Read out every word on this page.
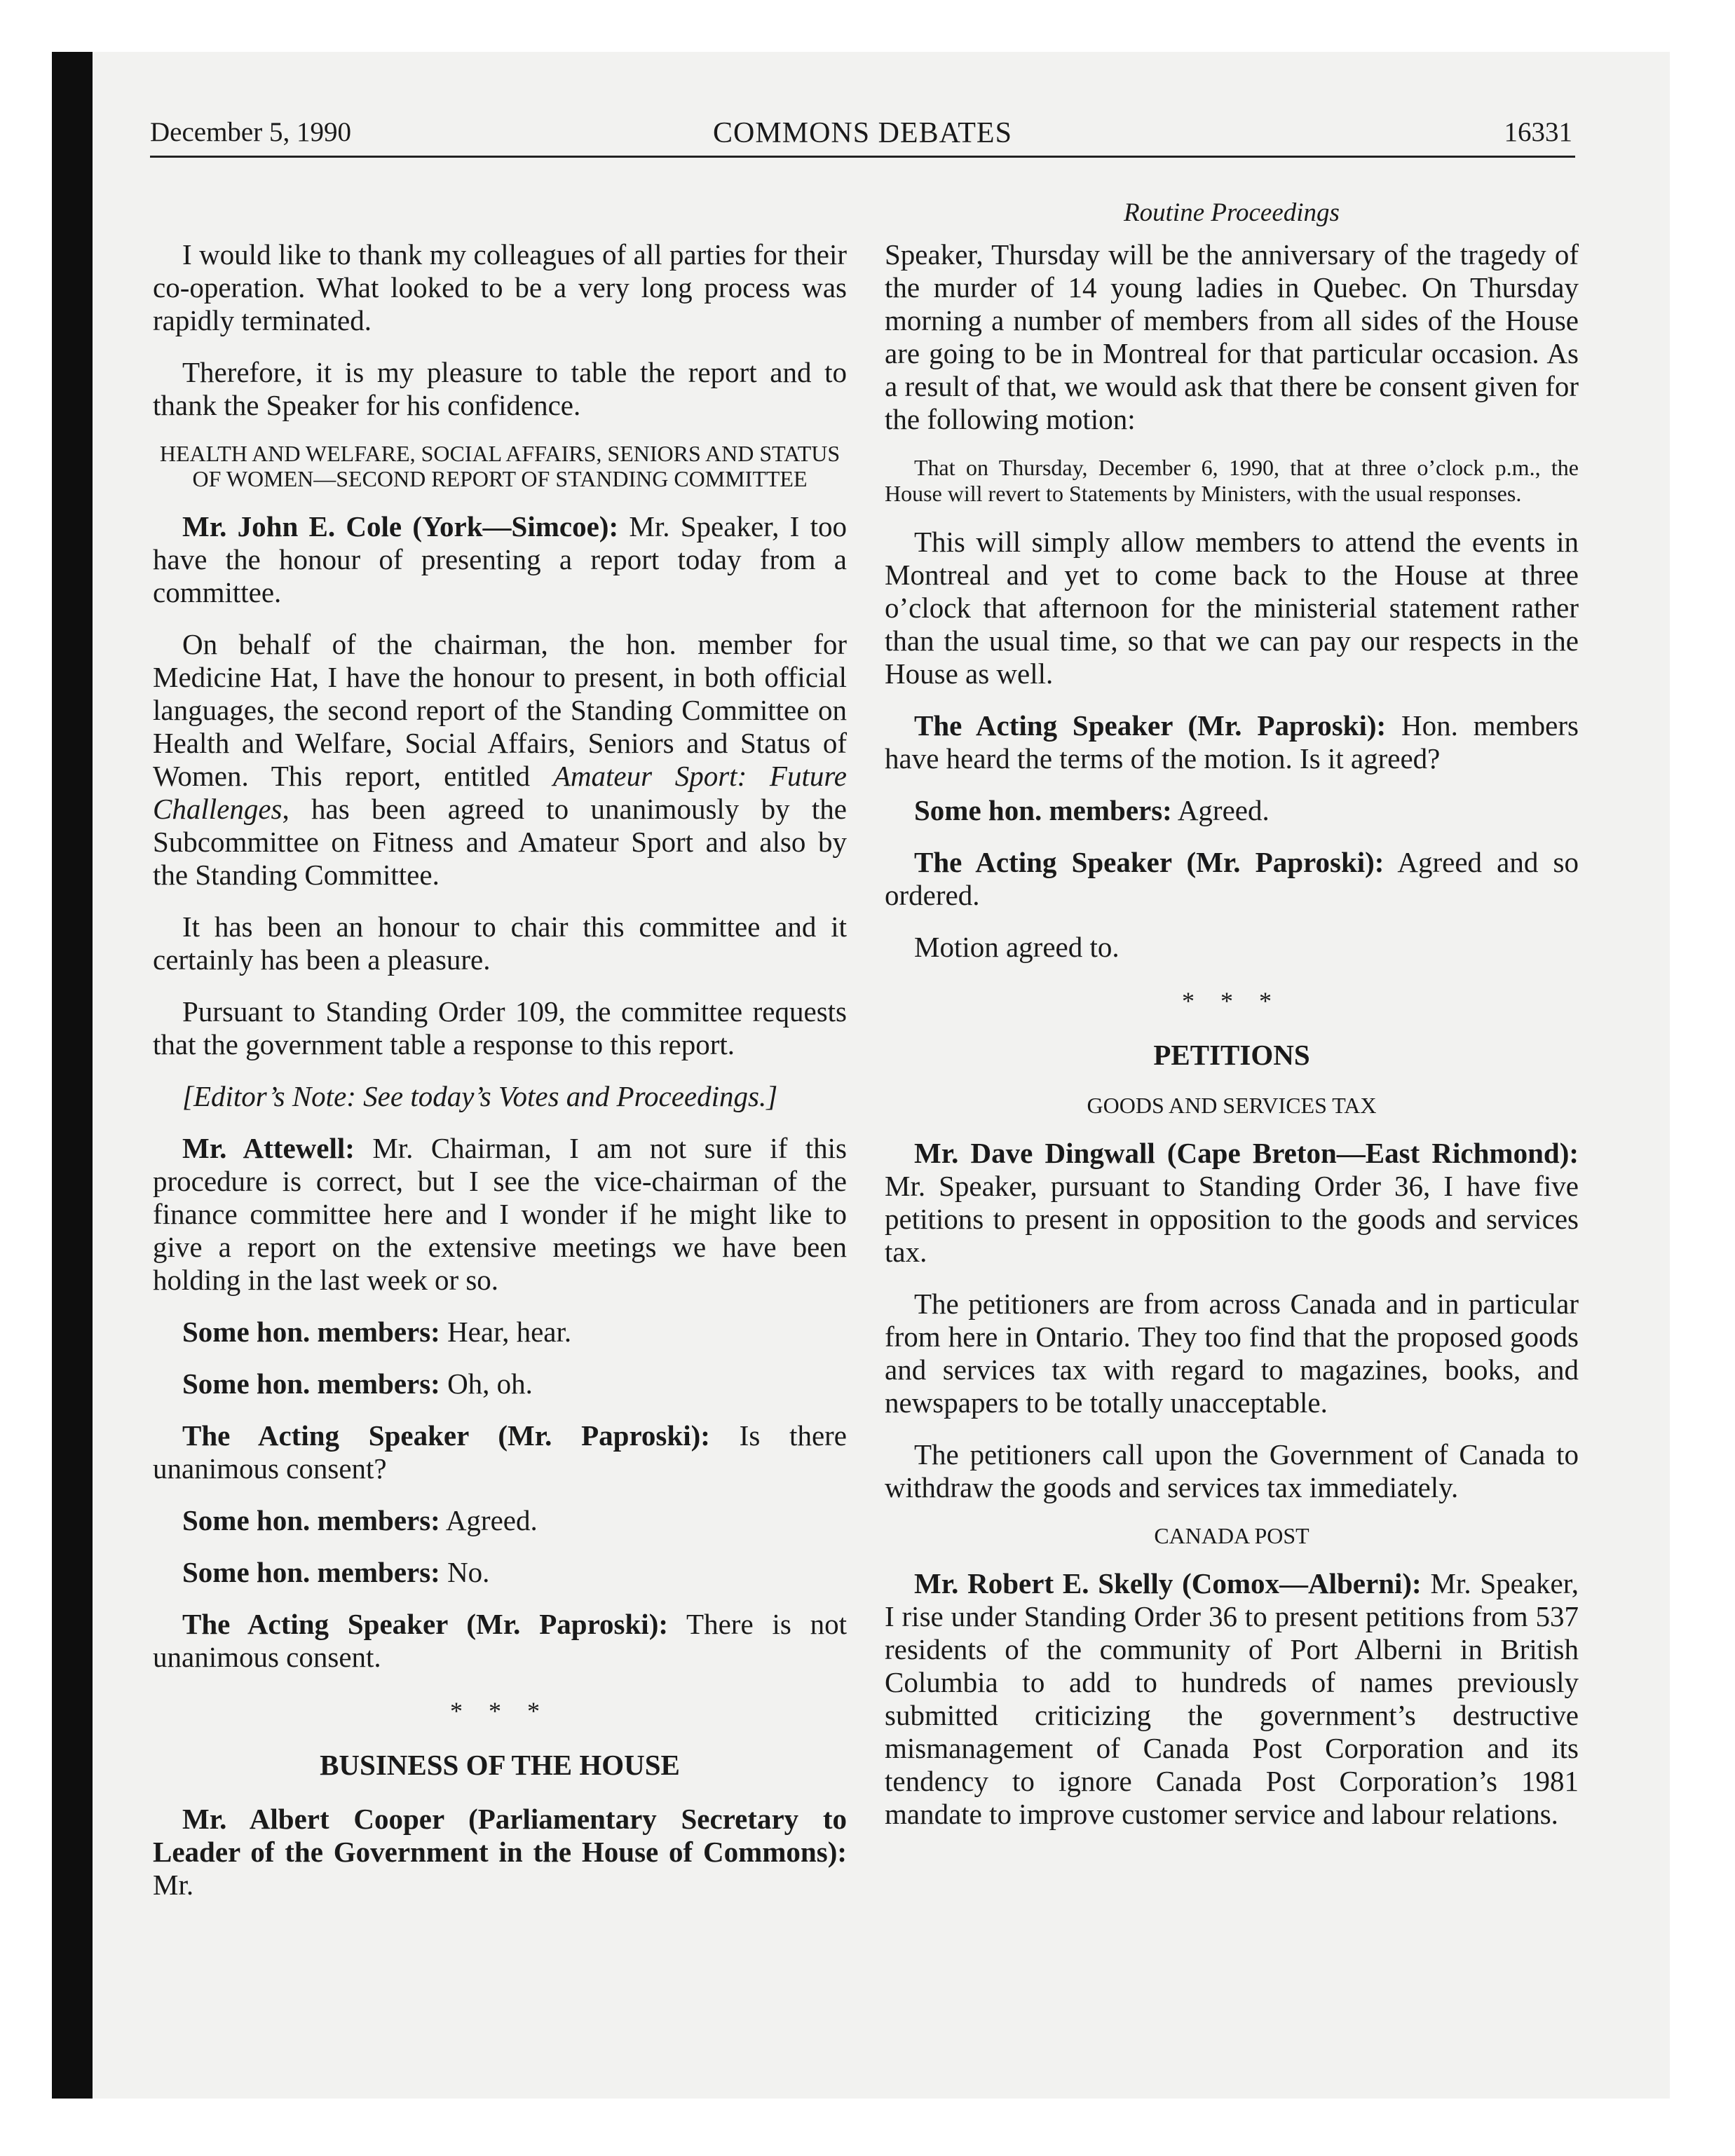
December 5, 1990	COMMONS DEBATES	16331
Routine Proceedings

I would like to thank my colleagues of all parties for their co-operation. What looked to be a very long process was rapidly terminated.

Therefore, it is my pleasure to table the report and to thank the Speaker for his confidence.

HEALTH AND WELFARE, SOCIAL AFFAIRS, SENIORS AND STATUS OF WOMEN—SECOND REPORT OF STANDING COMMITTEE

Mr. John E. Cole (York—Simcoe): Mr. Speaker, I too have the honour of presenting a report today from a committee.

On behalf of the chairman, the hon. member for Medicine Hat, I have the honour to present, in both official languages, the second report of the Standing Committee on Health and Welfare, Social Affairs, Seniors and Status of Women. This report, entitled Amateur Sport: Future Challenges, has been agreed to unanimously by the Subcommittee on Fitness and Amateur Sport and also by the Standing Committee.

It has been an honour to chair this committee and it certainly has been a pleasure.

Pursuant to Standing Order 109, the committee requests that the government table a response to this report.

[Editor’s Note: See today’s Votes and Proceedings.]

Mr. Attewell: Mr. Chairman, I am not sure if this procedure is correct, but I see the vice-chairman of the finance committee here and I wonder if he might like to give a report on the extensive meetings we have been holding in the last week or so.

Some hon. members: Hear, hear.

Some hon. members: Oh, oh.

The Acting Speaker (Mr. Paproski): Is there unanimous consent?

Some hon. members: Agreed.

Some hon. members: No.

The Acting Speaker (Mr. Paproski): There is not unanimous consent.

* * *
BUSINESS OF THE HOUSE

Mr. Albert Cooper (Parliamentary Secretary to Leader of the Government in the House of Commons): Mr.

Speaker, Thursday will be the anniversary of the tragedy of the murder of 14 young ladies in Quebec. On Thursday morning a number of members from all sides of the House are going to be in Montreal for that particular occasion. As a result of that, we would ask that there be consent given for the following motion:

That on Thursday, December 6, 1990, that at three o’clock p.m., the House will revert to Statements by Ministers, with the usual responses.

This will simply allow members to attend the events in Montreal and yet to come back to the House at three o’clock that afternoon for the ministerial statement rather than the usual time, so that we can pay our respects in the House as well.

The Acting Speaker (Mr. Paproski): Hon. members have heard the terms of the motion. Is it agreed?

Some hon. members: Agreed.

The Acting Speaker (Mr. Paproski): Agreed and so ordered.

Motion agreed to.

* * *
PETITIONS

GOODS AND SERVICES TAX

Mr. Dave Dingwall (Cape Breton—East Richmond): Mr. Speaker, pursuant to Standing Order 36, I have five petitions to present in opposition to the goods and services tax.

The petitioners are from across Canada and in particular from here in Ontario. They too find that the proposed goods and services tax with regard to magazines, books, and newspapers to be totally unacceptable.

The petitioners call upon the Government of Canada to withdraw the goods and services tax immediately.

CANADA POST

Mr. Robert E. Skelly (Comox—Alberni): Mr. Speaker, I rise under Standing Order 36 to present petitions from 537 residents of the community of Port Alberni in British Columbia to add to hundreds of names previously submitted criticizing the government’s destructive mismanagement of Canada Post Corporation and its tendency to ignore Canada Post Corporation’s 1981 mandate to improve customer service and labour relations.
